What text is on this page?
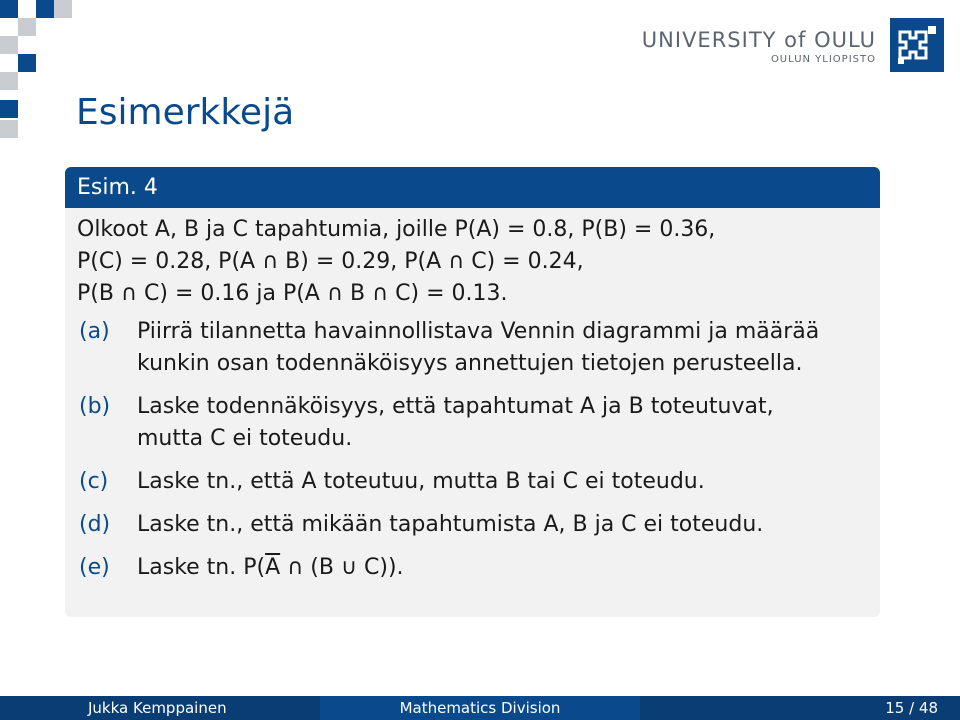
UNIVERSITY of OULU
OULUN YLIOPISTO
Esimerkkejä
Esim. 4

Olkoot A, B ja C tapahtumia, joille P(A) = 0.8, P(B) = 0.36,
P(C) = 0.28, P(A ∩ B) = 0.29, P(A ∩ C) = 0.24,
P(B ∩ C) = 0.16 ja P(A ∩ B ∩ C) = 0.13.

(a)	Piirrä tilannetta havainnollistava Vennin diagrammi ja määrää
kunkin osan todennäköisyys annettujen tietojen perusteella.
(b)	Laske todennäköisyys, että tapahtumat A ja B toteutuvat,
mutta C ei toteudu.
(c)	Laske tn., että A toteutuu, mutta B tai C ei toteudu.
(d)	Laske tn., että mikään tapahtumista A, B ja C ei toteudu.
(e)	Laske tn. $P(\overline{A}$ ∩ (B ∪ C)).
Jukka Kemppainen	Mathematics Division	15 / 48
